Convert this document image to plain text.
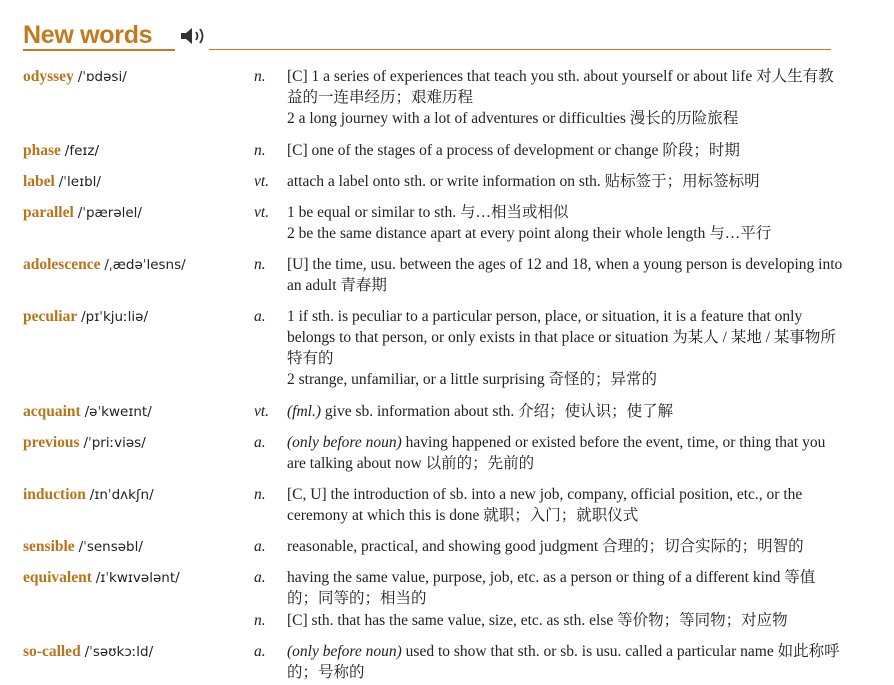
New words
odyssey /ˈɒdəsi/	n. [C] 1 a series of experiences that teach you sth. about yourself or about life 对人生有教益的一连串经历；艰难历程

2 a long journey with a lot of adventures or difficulties 漫长的历险旅程

phase /feɪz/	n. [C] one of the stages of a process of development or change 阶段；时期

label /ˈleɪbl/	vt. attach a label onto sth. or write information on sth. 贴标签于；用标签标明

parallel /ˈpærəlel/	vt. 1 be equal or similar to sth. 与…相当或相似

2 be the same distance apart at every point along their whole length 与…平行

adolescence /ˌædəˈlesns/	n. [U] the time, usu. between the ages of 12 and 18, when a young person is developing into an adult 青春期

peculiar /pɪˈkjuːliə/	a. 1 if sth. is peculiar to a particular person, place, or situation, it is a feature that only belongs to that person, or only exists in that place or situation 为某人 / 某地 / 某事物所特有的

2 strange, unfamiliar, or a little surprising 奇怪的；异常的

acquaint /əˈkweɪnt/	vt. (fml.) give sb. information about sth. 介绍；使认识；使了解

previous /ˈpriːviəs/	a. (only before noun) having happened or existed before the event, time, or thing that you are talking about now 以前的；先前的

induction /ɪnˈdʌkʃn/	n. [C, U] the introduction of sb. into a new job, company, official position, etc., or the ceremony at which this is done 就职；入门；就职仪式

sensible /ˈsensəbl/	a. reasonable, practical, and showing good judgment 合理的；切合实际的；明智的

equivalent /ɪˈkwɪvələnt/	a. having the same value, purpose, job, etc. as a person or thing of a different kind 等值的；同等的；相当的

n. [C] sth. that has the same value, size, etc. as sth. else 等价物；等同物；对应物

so-called /ˈsəʊkɔːld/	a. (only before noun) used to show that sth. or sb. is usu. called a particular name 如此称呼的；号称的
